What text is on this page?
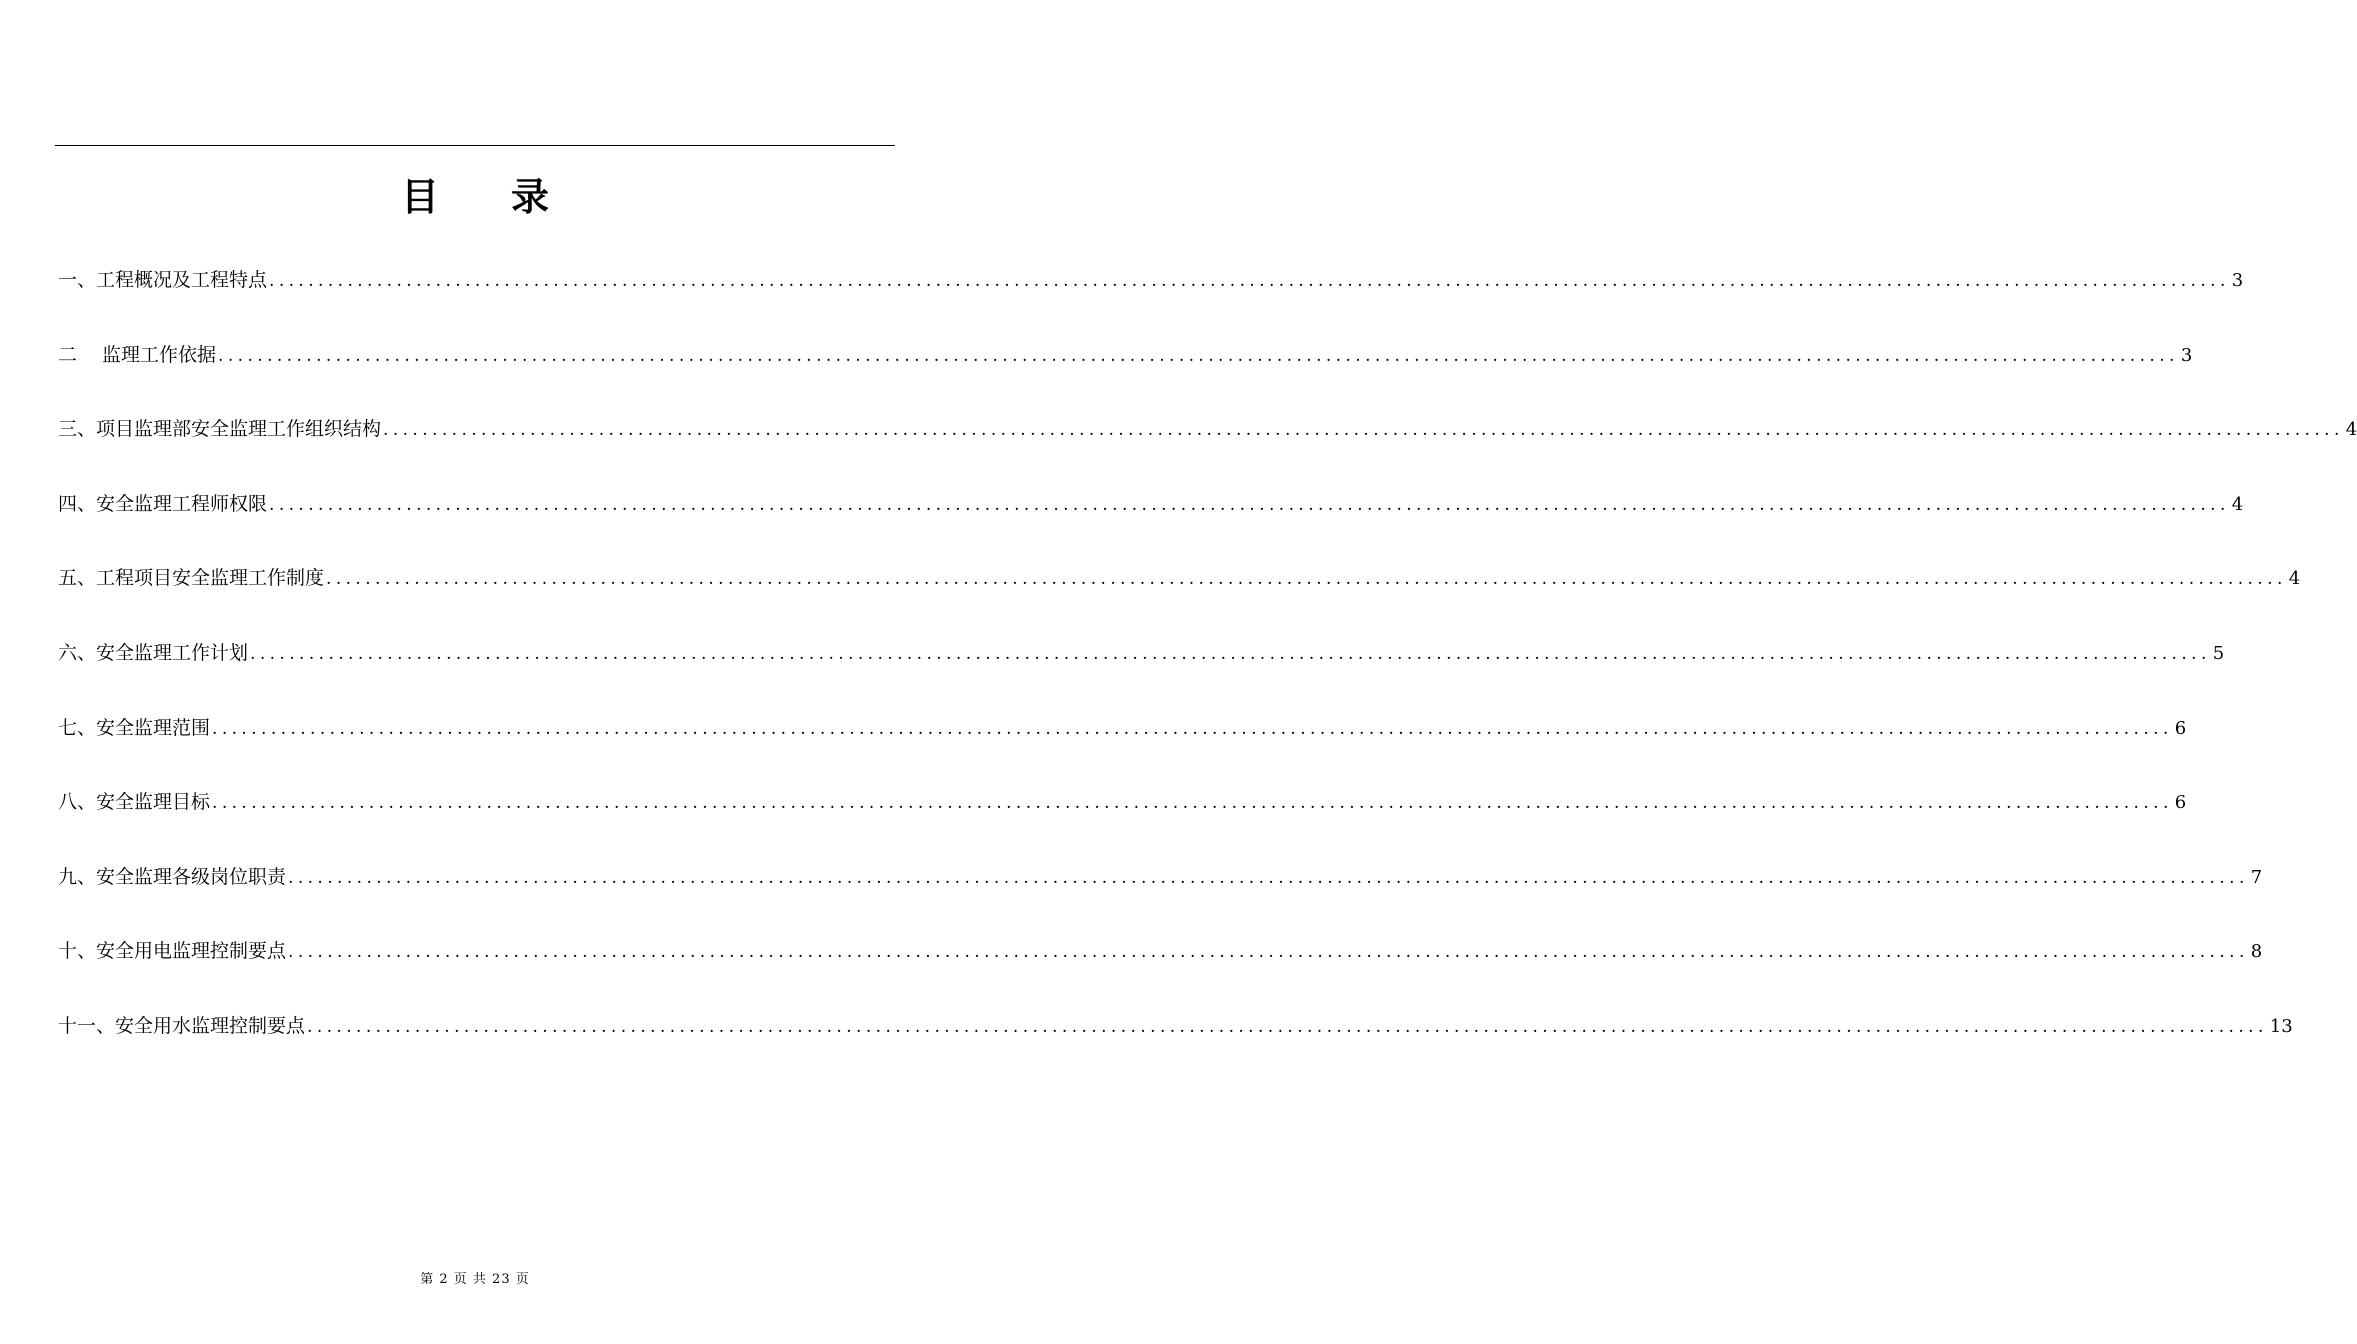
目录
一、工程概况及工程特点 ........................................................................................................................................................................................................ 3
二　 监理工作依据 ........................................................................................................................................................................................................ 3
三、项目监理部安全监理工作组织结构 ........................................................................................................................................................................................................ 4
四、安全监理工程师权限 ........................................................................................................................................................................................................ 4
五、工程项目安全监理工作制度 ........................................................................................................................................................................................................ 4
六、安全监理工作计划 ........................................................................................................................................................................................................ 5
七、安全监理范围 ........................................................................................................................................................................................................ 6
八、安全监理目标 ........................................................................................................................................................................................................ 6
九、安全监理各级岗位职责 ........................................................................................................................................................................................................ 7
十、安全用电监理控制要点 ........................................................................................................................................................................................................ 8
十一、安全用水监理控制要点 ........................................................................................................................................................................................................ 13
第 2 页 共 23 页
